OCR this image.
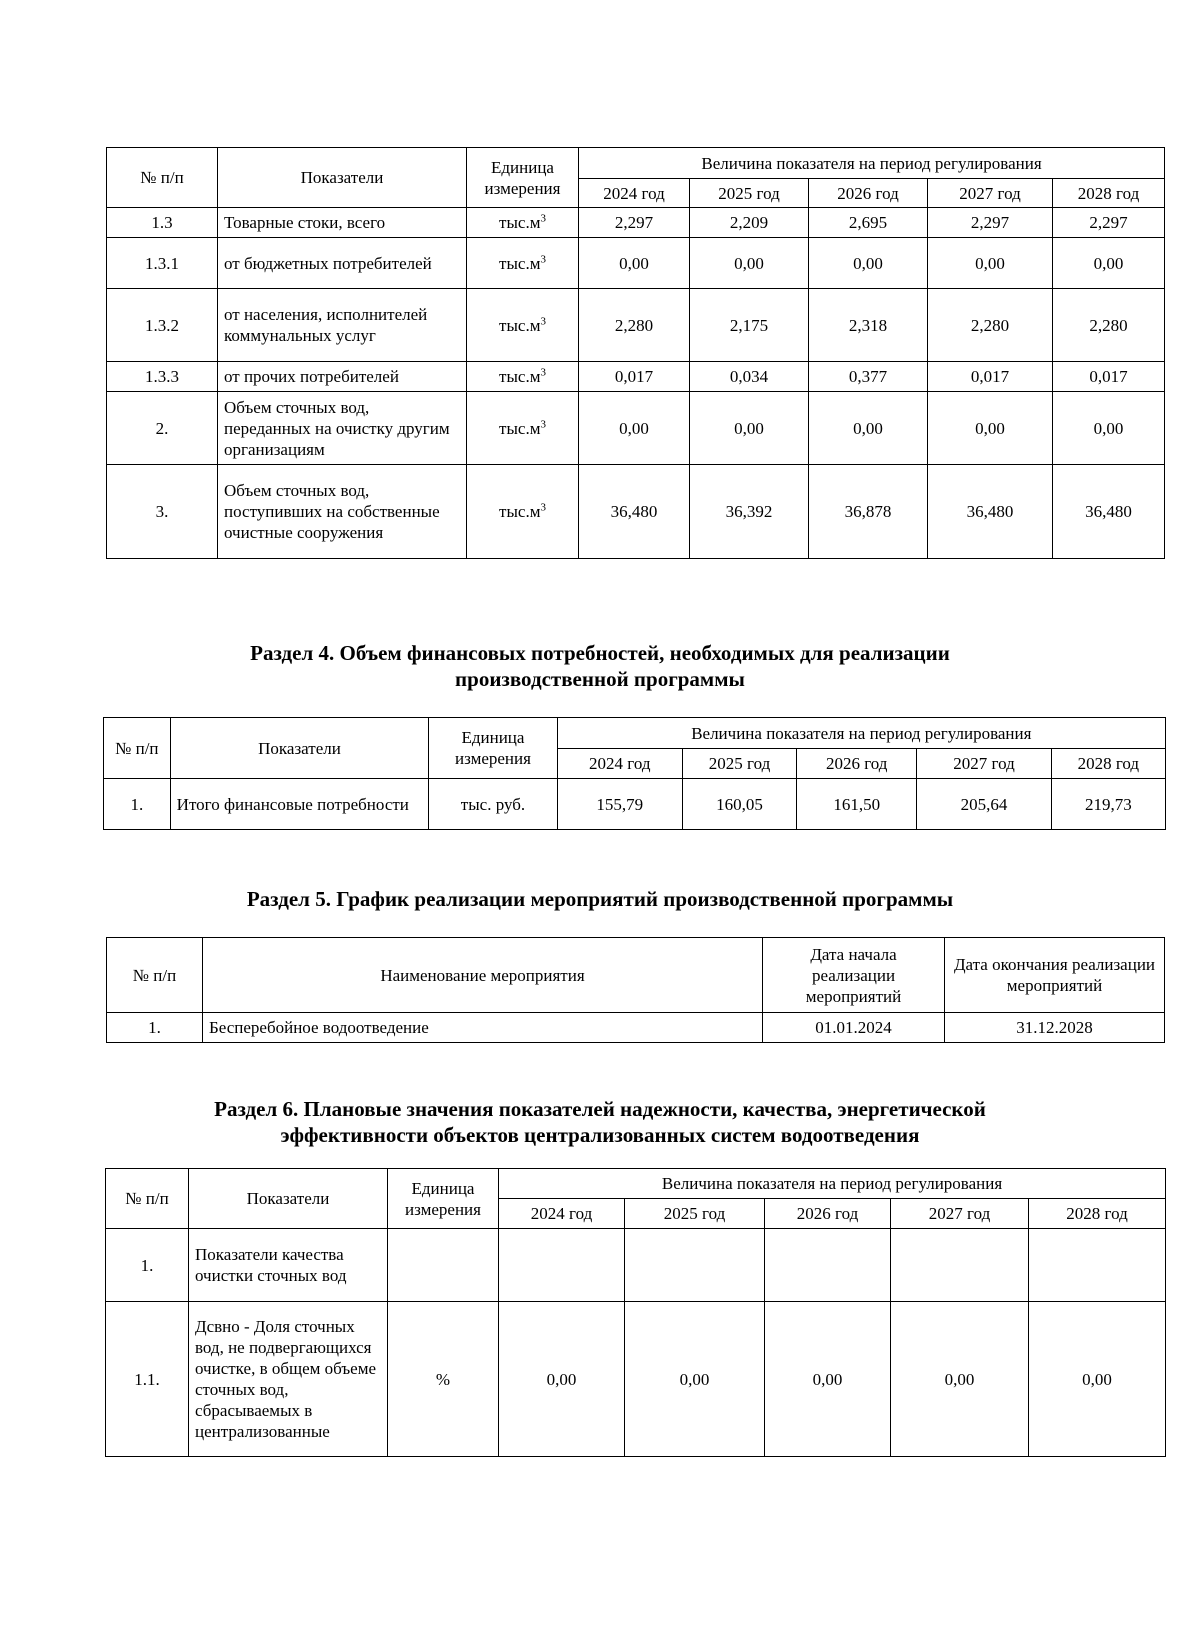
№ п/п	Показатели	Единица измерения	Величина показателя на период регулирования				
			2024 год	2025 год	2026 год	2027 год	2028 год
1.3	Товарные стоки, всего	$тыс.м^3$	2,297	2,209	2,695	2,297	2,297
1.3.1	от бюджетных потребителей	$тыс.м^3$	0,00	0,00	0,00	0,00	0,00
1.3.2	от населения, исполнителей коммунальных услуг	$тыс.м^3$	2,280	2,175	2,318	2,280	2,280
1.3.3	от прочих потребителей	$тыс.м^3$	0,017	0,034	0,377	0,017	0,017
2.	Объем сточных вод, переданных на очистку другим организациям	$тыс.м^3$	0,00	0,00	0,00	0,00	0,00
3.	Объем сточных вод, поступивших на собственные очистные сооружения	$тыс.м^3$	36,480	36,392	36,878	36,480	36,480
Раздел 4. Объем финансовых потребностей, необходимых для реализации
производственной программы
№ п/п	Показатели	Единица измерения	Величина показателя на период регулирования				
			2024 год	2025 год	2026 год	2027 год	2028 год
1.	Итого финансовые потребности	тыс. руб.	155,79	160,05	161,50	205,64	219,73
Раздел 5. График реализации мероприятий производственной программы
№ п/п	Наименование мероприятия	Дата начала реализации мероприятий	Дата окончания реализации мероприятий
1.	Бесперебойное водоотведение	01.01.2024	31.12.2028
Раздел 6. Плановые значения показателей надежности, качества, энергетической
эффективности объектов централизованных систем водоотведения
№ п/п	Показатели	Единица измерения	Величина показателя на период регулирования				
			2024 год	2025 год	2026 год	2027 год	2028 год
1.	Показатели качества очистки сточных вод						
1.1.	Дсвно - Доля сточных вод, не подвергающихся очистке, в общем объеме сточных вод, сбрасываемых в централизованные	%	0,00	0,00	0,00	0,00	0,00
